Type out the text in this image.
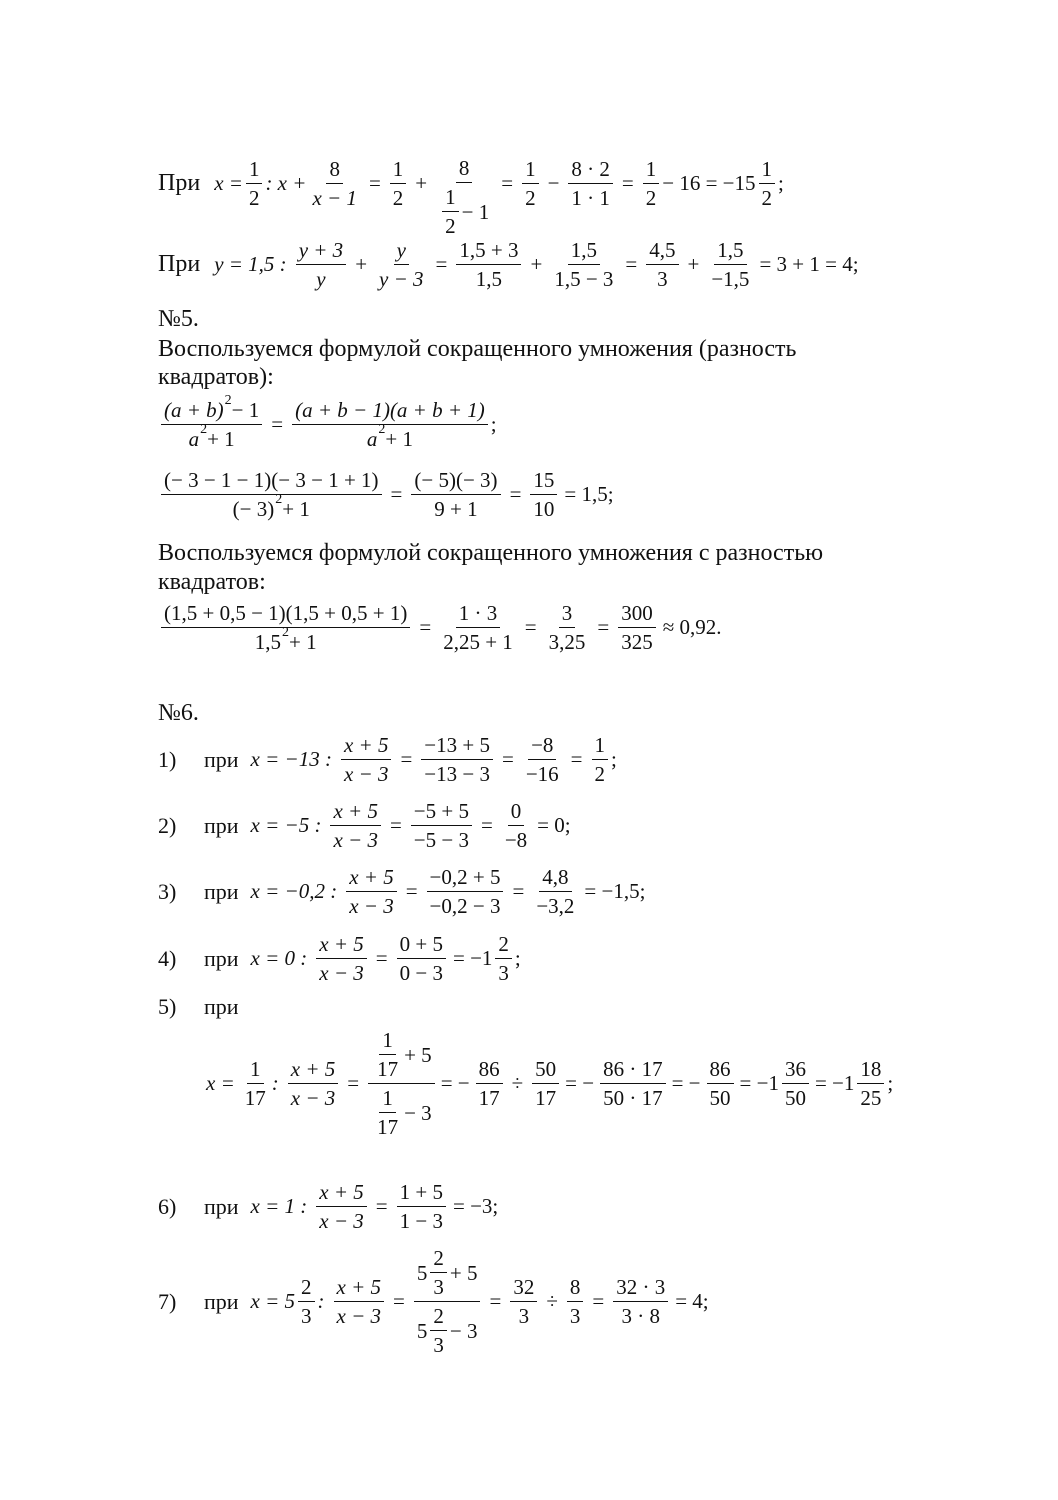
При $x = \frac{1}{2}$ : $x + \frac{8}{x - 1} = \frac{1}{2} + \frac{8}{\frac{1}{2} - 1} = \frac{1}{2} - \frac{8 \cdot 2}{1 \cdot 1} = \frac{1}{2} - 16 = -15 \frac{1}{2}$ ;
При y = 1,5 : $\frac{y + 3}{y} + \frac{y}{y - 3} = \frac{1,5 + 3}{1,5} + \frac{1,5}{1,5 - 3} = \frac{4,5}{3} + \frac{1,5}{-1,5} = 3 + 1 = 4$;
№5.
Воспользуемся формулой сокращенного умножения (разность
квадратов):
$\frac{(a + b) 2 - 1}{a 2 + 1} = \frac{(a + b - 1)(a + b + 1)}{a 2 + 1}$ ;
$\frac{(- 3 - 1 - 1)(- 3 - 1 + 1)}{(- 3) 2 + 1} = \frac{(- 5)(- 3)}{9 + 1} = \frac{15}{10} = 1,5$;
Воспользуемся формулой сокращенного умножения с разностью
квадратов:
$\frac{(1,5 + 0,5 - 1)(1,5 + 0,5 + 1)}{1,5 2 + 1} = \frac{1 \cdot 3}{2,25 + 1} = \frac{3}{3,25} = \frac{300}{325} \approx 0,92$.
№6.
1)	при x = −13 : $\frac{x + 5}{x - 3} = \frac{-13 + 5}{-13 - 3} = \frac{-8}{-16} = \frac{1}{2}$ ;
2)	при x = −5 : $\frac{x + 5}{x - 3} = \frac{-5 + 5}{-5 - 3} = \frac{0}{-8} = 0$;
3)	при x = −0,2 : $\frac{x + 5}{x - 3} = \frac{-0,2 + 5}{-0,2 - 3} = \frac{4,8}{-3,2} = -1,5$;
4)	при x = 0 : $\frac{x + 5}{x - 3} = \frac{0 + 5}{0 - 3} = -1 \frac{2}{3}$ ;
5)	при
$x = \frac{1}{17}$ : $\frac{x + 5}{x - 3} = \frac{\frac{1}{17} + 5}{\frac{1}{17} - 3}$ = − $\frac{86}{17} \div \frac{50}{17}$ = − $\frac{86 \cdot 17}{50 \cdot 17}$ = − $\frac{86}{50} = -1 \frac{36}{50} = -1 \frac{18}{25}$ ;
6)	при x = 1 : $\frac{x + 5}{x - 3} = \frac{1 + 5}{1 - 3} = -3$;
7)	при $x = 5 \frac{2}{3}$ : $\frac{x + 5}{x - 3} = \frac{5 \frac{2}{3} + 5}{5 \frac{2}{3} - 3} = \frac{32}{3} \div \frac{8}{3} = \frac{32 \cdot 3}{3 \cdot 8} = 4$;
